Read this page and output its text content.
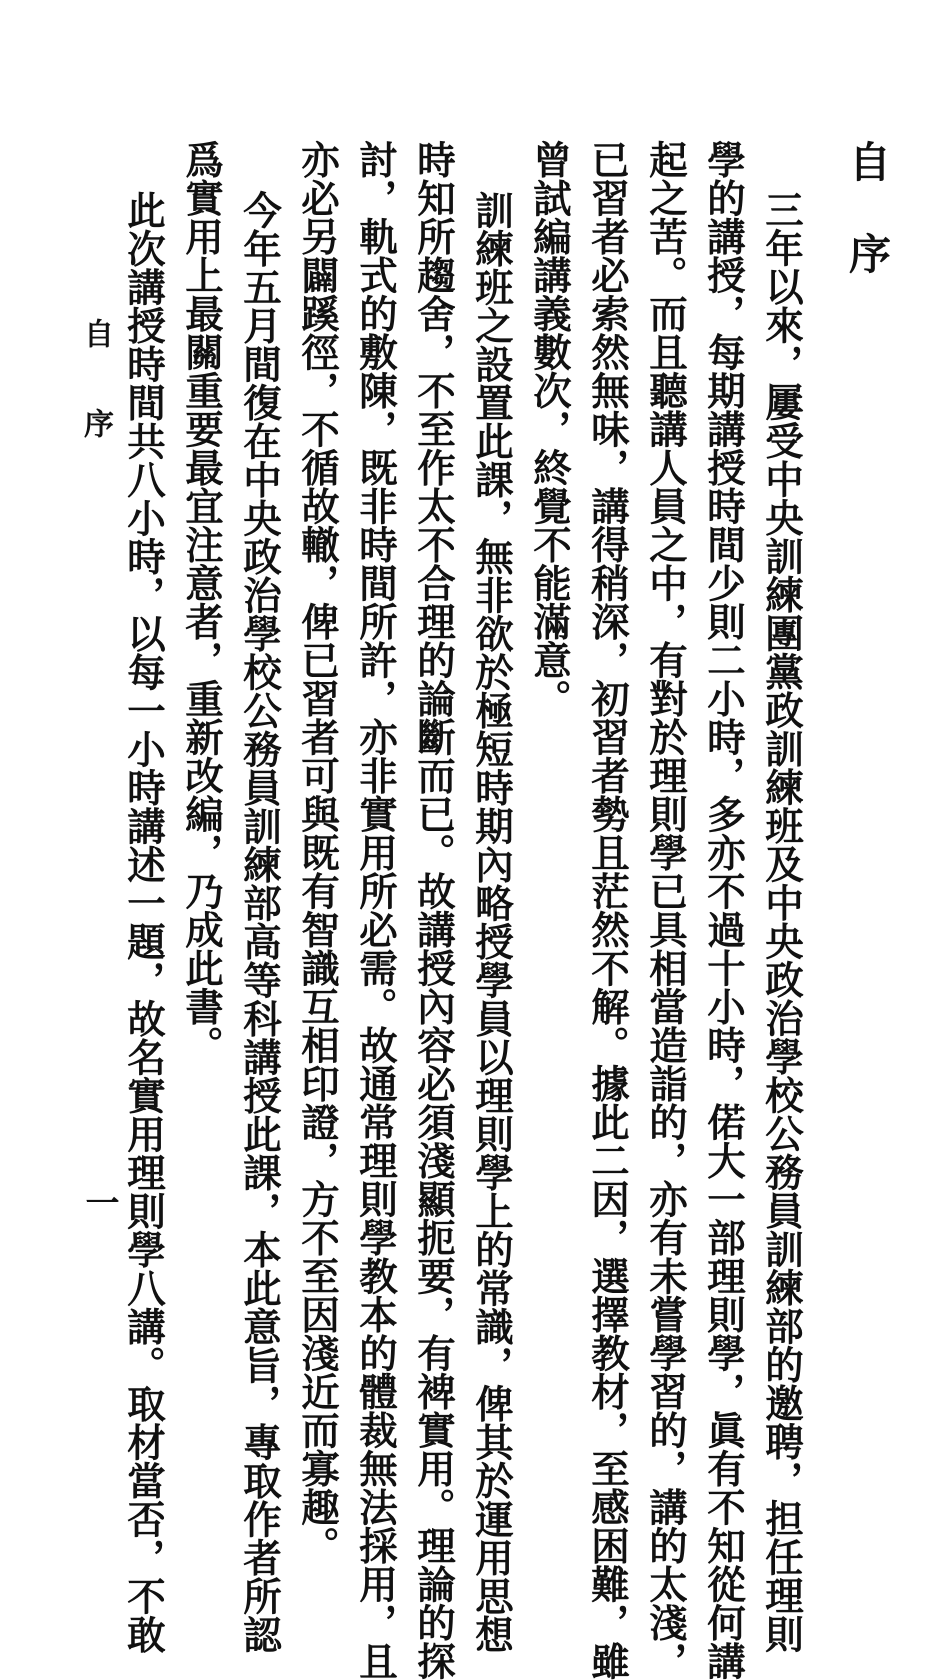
自序

三年以來，屢受中央訓練團黨政訓練班及中央政治學校公務員訓練部的邀聘，担任理則

學的講授，每期講授時間少則二小時，多亦不過十小時，偌大一部理則學，眞有不知從何講

起之苦。而且聽講人員之中，有對於理則學已具相當造詣的，亦有未嘗學習的，講的太淺，

已習者必索然無味，講得稍深，初習者勢且茫然不解。據此二因，選擇教材，至感困難，雖

曾試編講義數次，終覺不能滿意。

　訓練班之設置此課，無非欲於極短時期內略授學員以理則學上的常識，俾其於運用思想

時知所趨舍，不至作太不合理的論斷而已。故講授內容必須淺顯扼要，有裨實用。理論的探

討，軌式的敷陳，既非時間所許，亦非實用所必需。故通常理則學教本的體裁無法採用，且

亦必另闢蹊徑，不循故轍，俾已習者可與既有智識互相印證，方不至因淺近而寡趣。

　今年五月間復在中央政治學校公務員訓練部高等科講授此課，本此意旨，專取作者所認

爲實用上最關重要最宜注意者，重新改編，乃成此書。

　此次講授時間共八小時，以每一小時講述一題，故名實用理則學八講。取材當否，不敢

自序
一
